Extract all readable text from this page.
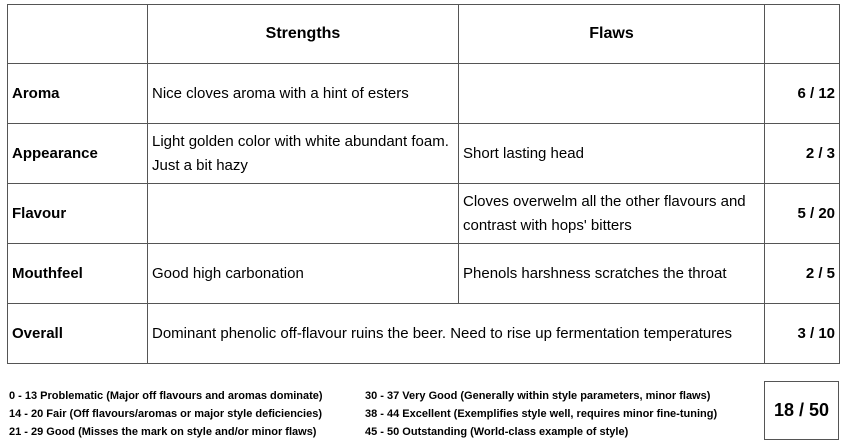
	Strengths	Flaws	
Aroma	Nice cloves aroma with a hint of esters		6 / 12
Appearance	Light golden color with white abundant foam. Just a bit hazy	Short lasting head	2 / 3
Flavour		Cloves overwelm all the other flavours and contrast with hops' bitters	5 / 20
Mouthfeel	Good high carbonation	Phenols harshness scratches the throat	2 / 5
Overall	Dominant phenolic off-flavour ruins the beer. Need to rise up fermentation temperatures		3 / 10
0 - 13 Problematic (Major off flavours and aromas dominate)
14 - 20 Fair (Off flavours/aromas or major style deficiencies)
21 - 29 Good (Misses the mark on style and/or minor flaws)
30 - 37 Very Good (Generally within style parameters, minor flaws)
38 - 44 Excellent (Exemplifies style well, requires minor fine-tuning)
45 - 50 Outstanding (World-class example of style)
18 / 50
